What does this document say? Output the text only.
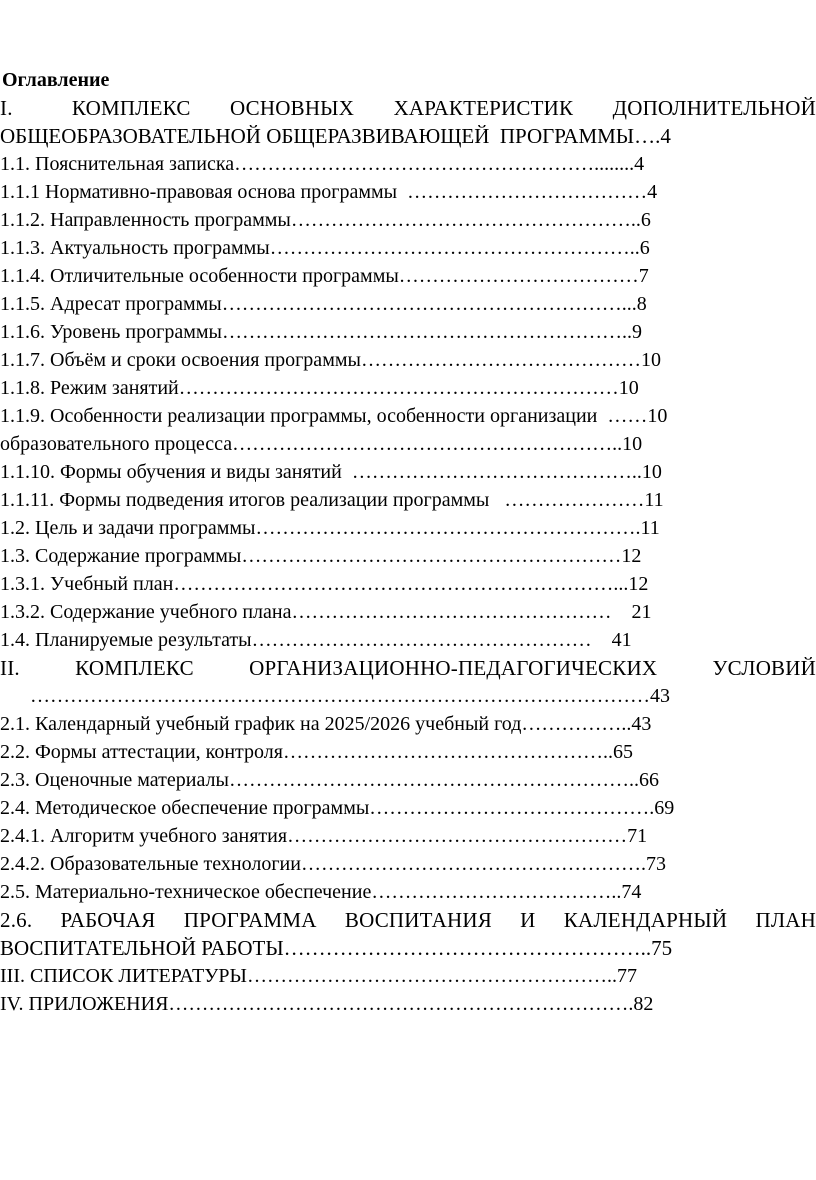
Оглавление
I.   КОМПЛЕКС  ОСНОВНЫХ  ХАРАКТЕРИСТИК  ДОПОЛНИТЕЛЬНОЙ
ОБЩЕОБРАЗОВАТЕЛЬНОЙ ОБЩЕРАЗВИВАЮЩЕЙ  ПРОГРАММЫ….4
1.1. Пояснительная записка………………………………………………........4
1.1.1 Нормативно-правовая основа программы  ………………………………4
1.1.2. Направленность программы……………………………………………..6
1.1.3. Актуальность программы………………………………………………..6
1.1.4. Отличительные особенности программы………………………………7
1.1.5. Адресат программы……………………………………………………...8
1.1.6. Уровень программы……………………………………………………..9
1.1.7. Объём и сроки освоения программы……………………………………10
1.1.8. Режим занятий…………………………………………………………10
1.1.9. Особенности реализации программы, особенности организации  ……10
образовательного процесса…………………………………………………..10
1.1.10. Формы обучения и виды занятий  ……………………………………..10
1.1.11. Формы подведения итогов реализации программы   …………………11
1.2. Цель и задачи программы………………………………………………….11
1.3. Содержание программы…………………………………………………12
1.3.1. Учебный план…………………………………………………………...12
1.3.2. Содержание учебного плана…………………………………………    21
1.4. Планируемые результаты……………………………………………    41
II.   КОМПЛЕКС   ОРГАНИЗАЦИОННО-ПЕДАГОГИЧЕСКИХ   УСЛОВИЙ
…………………………………………………………………………………43
2.1. Календарный учебный график на 2025/2026 учебный год……………..43
2.2. Формы аттестации, контроля…………………………………………..65
2.3. Оценочные материалы……………………………………………………..66
2.4. Методическое обеспечение программы…………………………………….69
2.4.1. Алгоритм учебного занятия……………………………………………71
2.4.2. Образовательные технологии…………………………………………….73
2.5. Материально-техническое обеспечение………………………………..74
2.6.  РАБОЧАЯ  ПРОГРАММА  ВОСПИТАНИЯ  И  КАЛЕНДАРНЫЙ  ПЛАН
ВОСПИТАТЕЛЬНОЙ РАБОТЫ……………………………………………..75
III. СПИСОК ЛИТЕРАТУРЫ………………………………………………..77
IV. ПРИЛОЖЕНИЯ…………………………………………………………….82
